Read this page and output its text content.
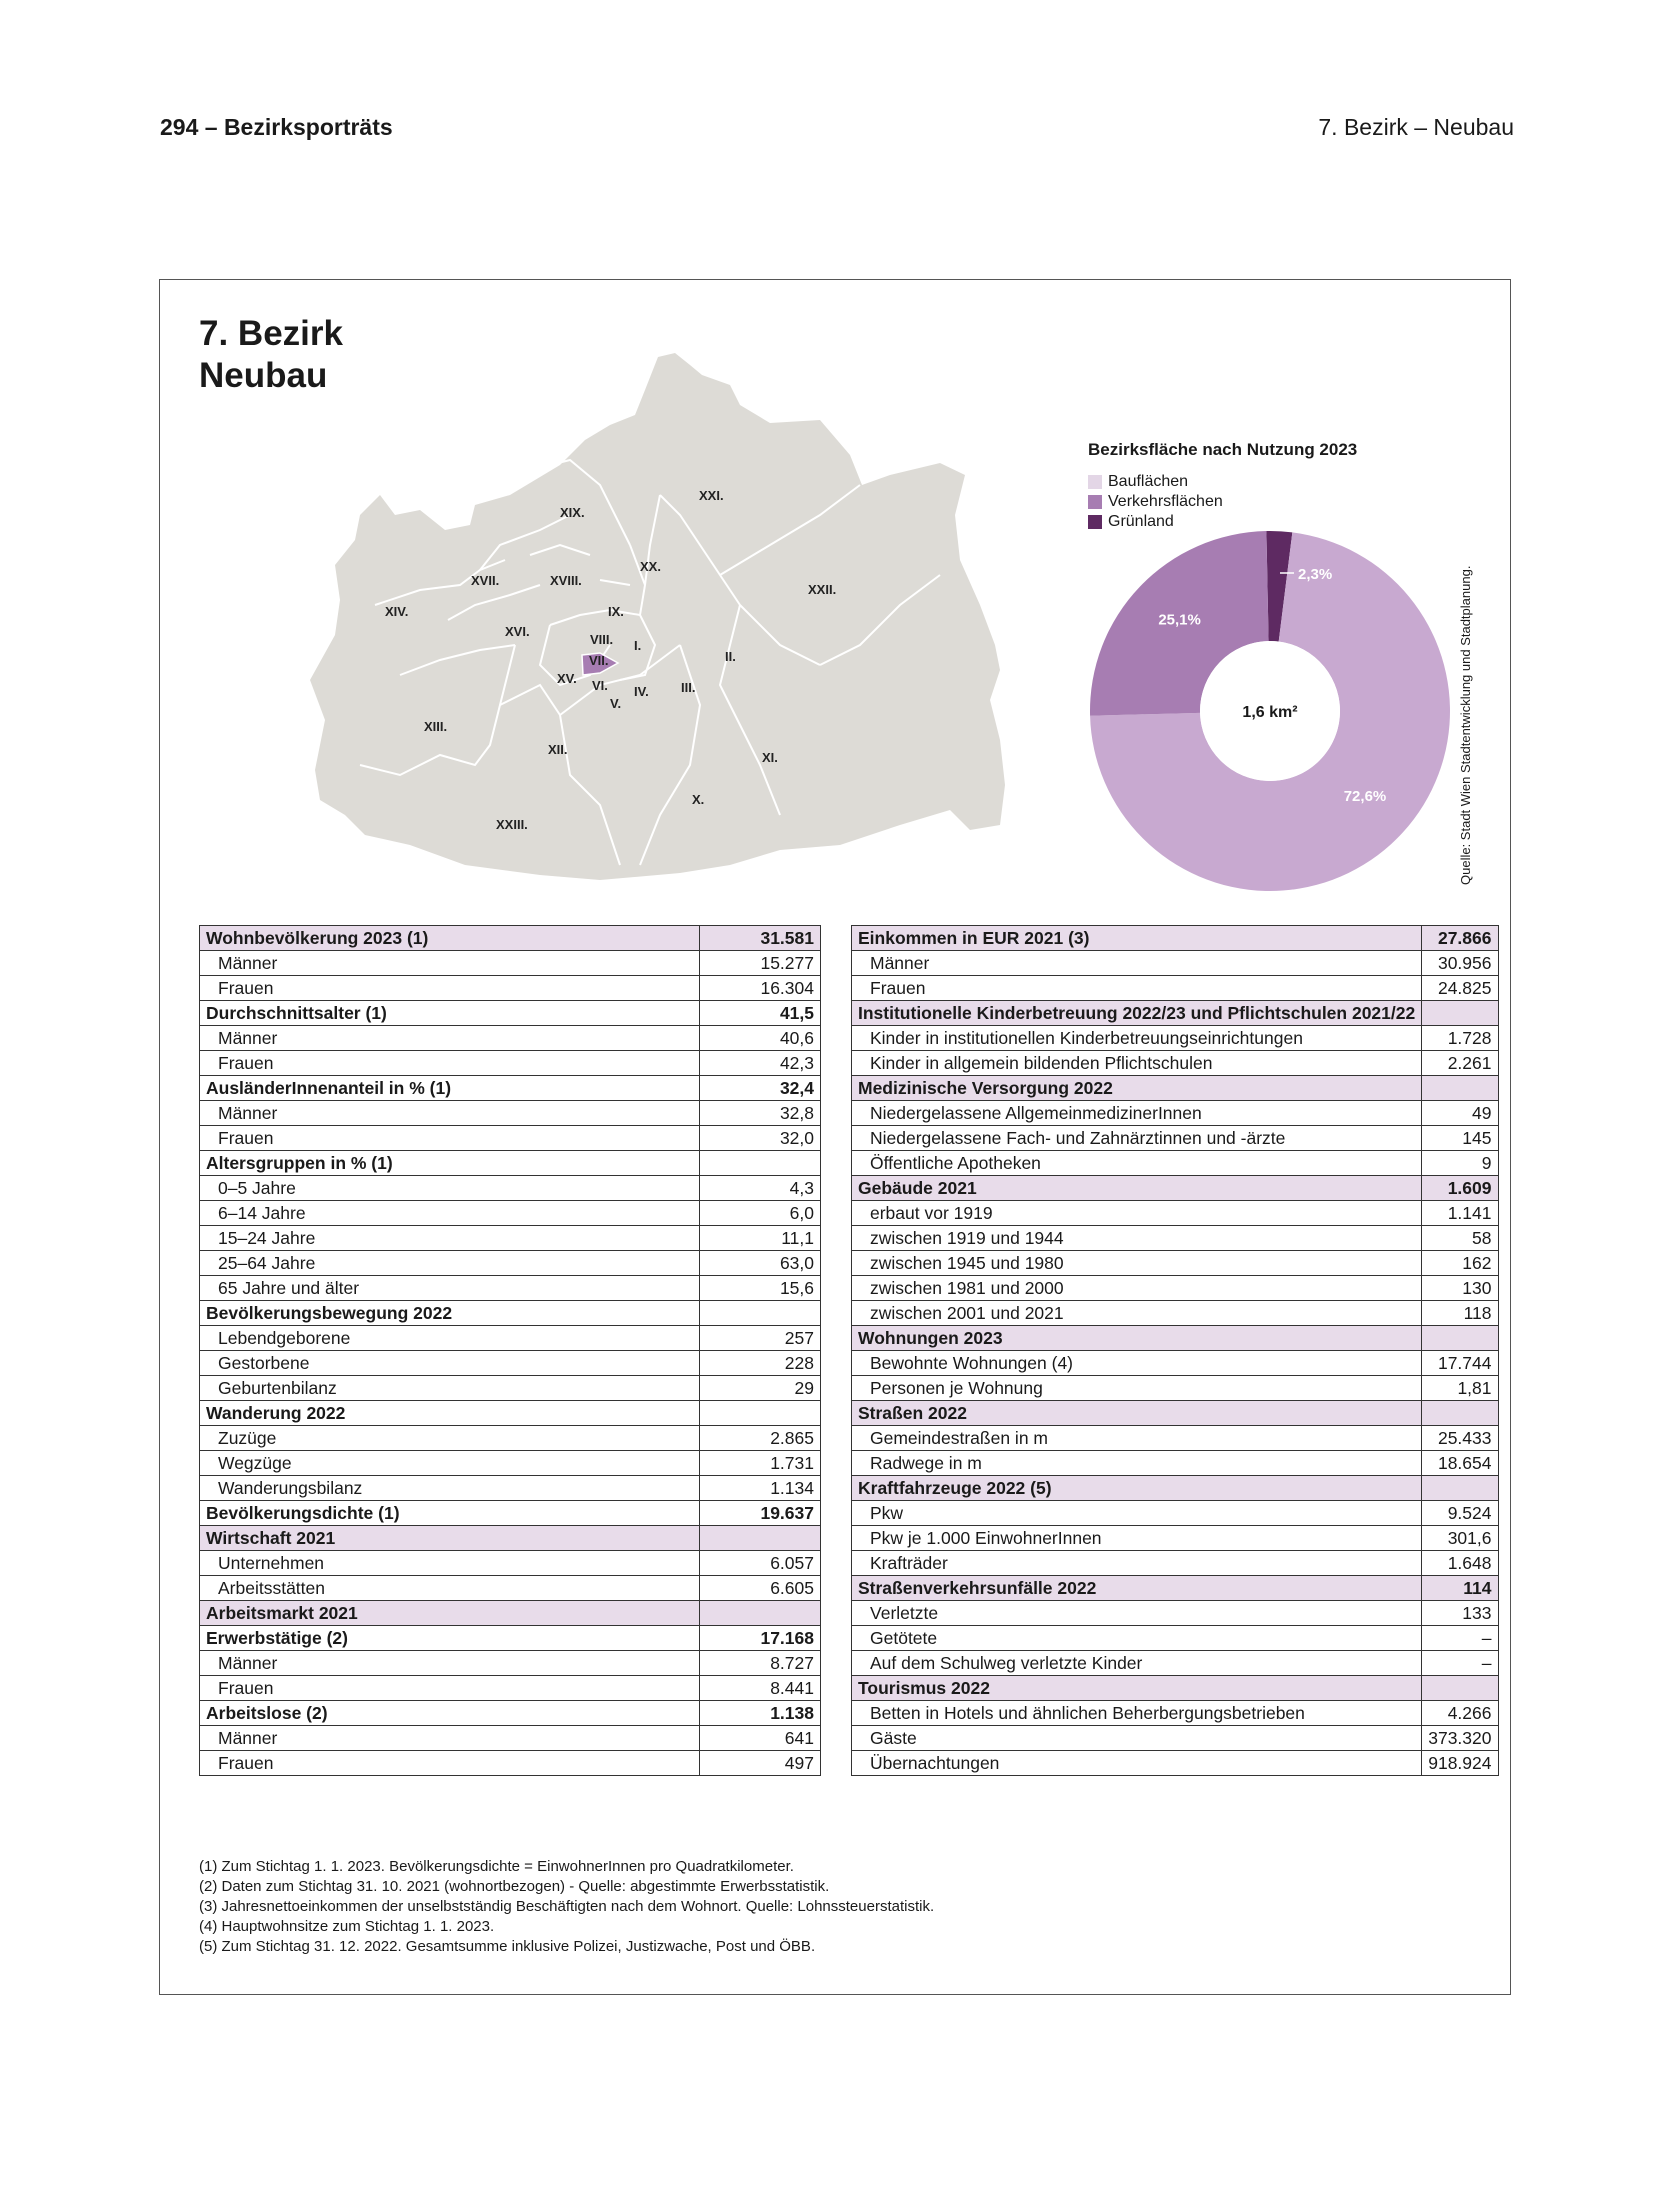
294 – Bezirksporträts	7. Bezirk – Neubau
7. Bezirk
Neubau
XXI.
XIX.
XX.
XXII.
XVII.	XVIII.
XIV.	IX.
XVI.
VIII. I.
VII.	II.
XV. VI. IV. III.
V.
XIII.
XII.
XI.
X.
XXIII.
Bezirksfläche nach Nutzung 2023
Bauflächen
Verkehrsflächen
Grünland
1,6 km²
2,3%
72,6%
25,1%	Quelle: Stadt Wien Stadtentwicklung und Stadtplanung.
Wohnbevölkerung 2023 (1)	31.581
Männer	15.277
Frauen	16.304
Durchschnittsalter (1)	41,5
Männer	40,6
Frauen	42,3
AusländerInnenanteil in % (1)	32,4
Männer	32,8
Frauen	32,0
Altersgruppen in % (1)	
0–5 Jahre	4,3
6–14 Jahre	6,0
15–24 Jahre	11,1
25–64 Jahre	63,0
65 Jahre und älter	15,6
Bevölkerungsbewegung 2022	
Lebendgeborene	257
Gestorbene	228
Geburtenbilanz	29
Wanderung 2022	
Zuzüge	2.865
Wegzüge	1.731
Wanderungsbilanz	1.134
Bevölkerungsdichte (1)	19.637
Wirtschaft 2021	
Unternehmen	6.057
Arbeitsstätten	6.605
Arbeitsmarkt 2021	
Erwerbstätige (2)	17.168
Männer	8.727
Frauen	8.441
Arbeitslose (2)	1.138
Männer	641
Frauen	497
Einkommen in EUR 2021 (3)	27.866
Männer	30.956
Frauen	24.825
Institutionelle Kinderbetreuung 2022/23 und Pflichtschulen 2021/22	
Kinder in institutionellen Kinderbetreuungseinrichtungen	1.728
Kinder in allgemein bildenden Pflichtschulen	2.261
Medizinische Versorgung 2022	
Niedergelassene AllgemeinmedizinerInnen	49
Niedergelassene Fach- und Zahnärztinnen und -ärzte	145
Öffentliche Apotheken	9
Gebäude 2021	1.609
erbaut vor 1919	1.141
zwischen 1919 und 1944	58
zwischen 1945 und 1980	162
zwischen 1981 und 2000	130
zwischen 2001 und 2021	118
Wohnungen 2023	
Bewohnte Wohnungen (4)	17.744
Personen je Wohnung	1,81
Straßen 2022	
Gemeindestraßen in m	25.433
Radwege in m	18.654
Kraftfahrzeuge 2022 (5)	
Pkw	9.524
Pkw je 1.000 EinwohnerInnen	301,6
Krafträder	1.648
Straßenverkehrsunfälle 2022	114
Verletzte	133
Getötete	–
Auf dem Schulweg verletzte Kinder	–
Tourismus 2022	
Betten in Hotels und ähnlichen Beherbergungsbetrieben	4.266
Gäste	373.320
Übernachtungen	918.924
(1) Zum Stichtag 1. 1. 2023. Bevölkerungsdichte = EinwohnerInnen pro Quadratkilometer.
(2) Daten zum Stichtag 31. 10. 2021 (wohnortbezogen) - Quelle: abgestimmte Erwerbsstatistik.
(3) Jahresnettoeinkommen der unselbstständig Beschäftigten nach dem Wohnort. Quelle: Lohnssteuerstatistik.
(4) Hauptwohnsitze zum Stichtag 1. 1. 2023.
(5) Zum Stichtag 31. 12. 2022. Gesamtsumme inklusive Polizei, Justizwache, Post und ÖBB.
